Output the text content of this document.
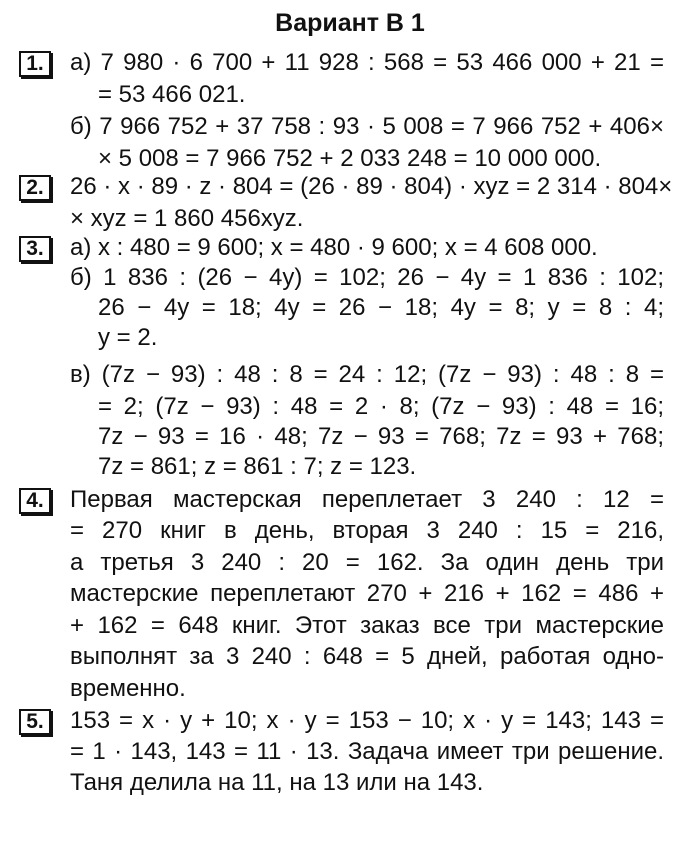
Вариант В 1
1.	а) 7 980 · 6 700 + 11 928 : 568 = 53 466 000 + 21 =
= 53 466 021.
б) 7 966 752 + 37 758 : 93 · 5 008 = 7 966 752 + 406×
× 5 008 = 7 966 752 + 2 033 248 = 10 000 000.
2.	26 · x · 89 · z · 804 = (26 · 89 · 804) · xyz = 2 314 · 804×
× xyz = 1 860 456xyz.
3.	а) x : 480 = 9 600; x = 480 · 9 600; x = 4 608 000.
б) 1 836 : (26 − 4y) = 102; 26 − 4y = 1 836 : 102;
26 − 4y = 18; 4y = 26 − 18; 4y = 8; y = 8 : 4;
y = 2.
в) (7z − 93) : 48 : 8 = 24 : 12; (7z − 93) : 48 : 8 =
= 2; (7z − 93) : 48 = 2 · 8; (7z − 93) : 48 = 16;
7z − 93 = 16 · 48; 7z − 93 = 768; 7z = 93 + 768;
7z = 861; z = 861 : 7; z = 123.
4.	Первая мастерская переплетает 3 240 : 12 =
= 270 книг в день, вторая 3 240 : 15 = 216,
а третья 3 240 : 20 = 162. За один день три
мастерские переплетают 270 + 216 + 162 = 486 +
+ 162 = 648 книг. Этот заказ все три мастерские
выполнят за 3 240 : 648 = 5 дней, работая одно-
временно.
5.	153 = x · y + 10; x · y = 153 − 10; x · y = 143; 143 =
= 1 · 143, 143 = 11 · 13. Задача имеет три решение.
Таня делила на 11, на 13 или на 143.
